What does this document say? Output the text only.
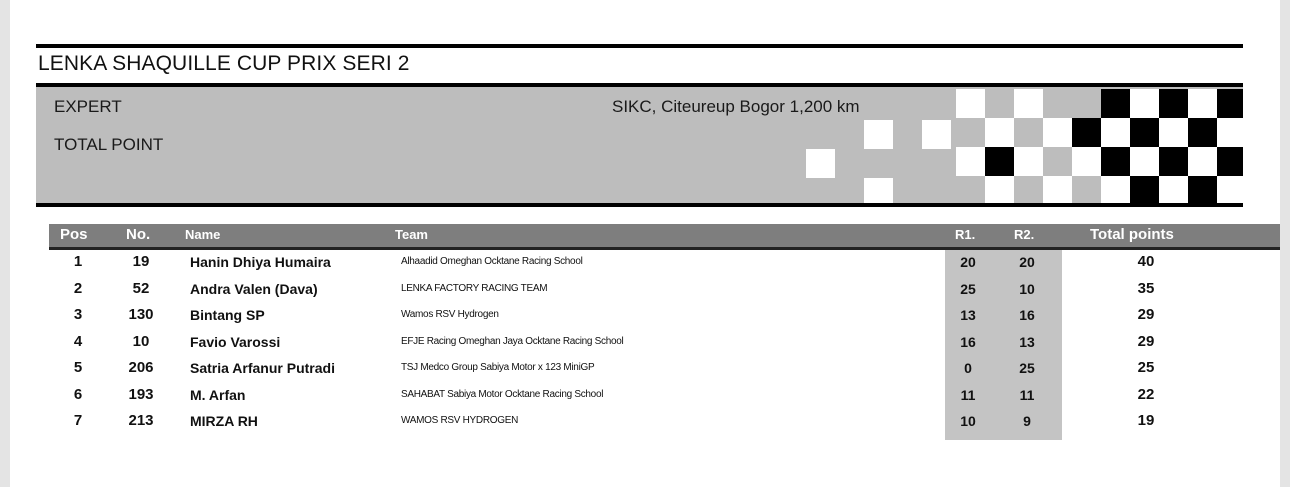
LENKA SHAQUILLE CUP PRIX SERI 2
EXPERT
TOTAL POINT
SIKC, Citeureup Bogor 1,200 km
Pos	No.	Name	Team	R1.	R2.	Total points
1	19	Hanin Dhiya Humaira	Alhaadid Omeghan Ocktane Racing School	20	20	40
2	52	Andra Valen (Dava)	LENKA FACTORY RACING TEAM	25	10	35
3	130	Bintang SP	Wamos RSV Hydrogen	13	16	29
4	10	Favio Varossi	EFJE Racing Omeghan Jaya Ocktane Racing School	16	13	29
5	206	Satria Arfanur Putradi	TSJ Medco Group Sabiya Motor x 123 MiniGP	0	25	25
6	193	M. Arfan	SAHABAT Sabiya Motor Ocktane Racing School	11	11	22
7	213	MIRZA RH	WAMOS RSV HYDROGEN	10	9	19
